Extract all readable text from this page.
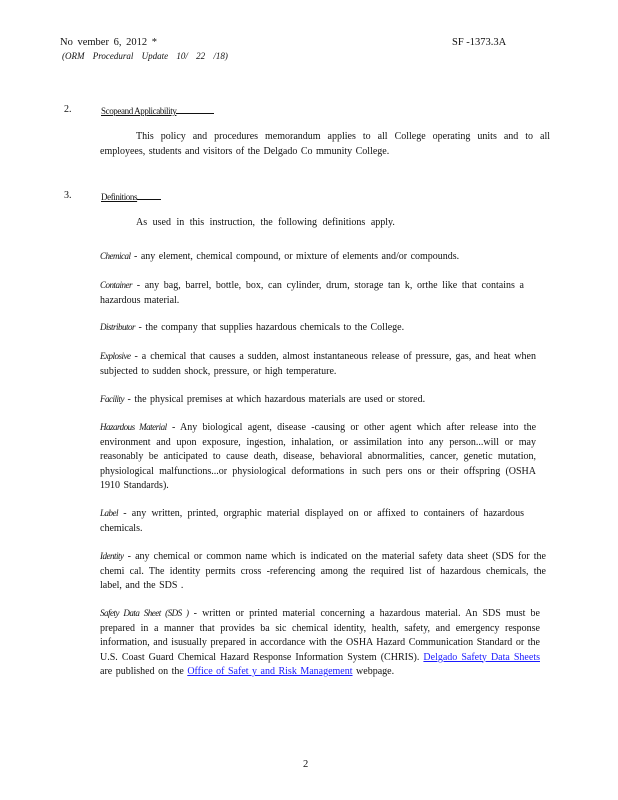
No vember 6, 2012 *
(ORM Procedural Update 10/ 22 /18)
SF -1373.3A
2.	Scopeand Applicability
This policy and procedures memorandum applies to all College operating units and to all employees, students and visitors of the Delgado Co mmunity College.
3.	Definitions
As used in this instruction, the following definitions apply.
Chemical - any element, chemical compound, or mixture of elements and/or compounds.
Container - any bag, barrel, bottle, box, can cylinder, drum, storage tan k, orthe like that contains a hazardous material.
Distributor - the company that supplies hazardous chemicals to the College.
Explosive - a chemical that causes a sudden, almost instantaneous release of pressure, gas, and heat when subjected to sudden shock, pressure, or high temperature.
Facility - the physical premises at which hazardous materials are used or stored.
Hazardous Material - Any biological agent, disease -causing or other agent which after release into the environment and upon exposure, ingestion, inhalation, or assimilation into any person...will or may reasonably be anticipated to cause death, disease, behavioral abnormalities, cancer, genetic mutation, physiological malfunctions...or physiological deformations in such pers ons or their offspring (OSHA 1910 Standards).
Label - any written, printed, orgraphic material displayed on or affixed to containers of hazardous chemicals.
Identity - any chemical or common name which is indicated on the material safety data sheet (SDS for the chemi cal. The identity permits cross -referencing among the required list of hazardous chemicals, the label, and the SDS .
Safety Data Sheet (SDS ) - written or printed material concerning a hazardous material. An SDS must be prepared in a manner that provides ba sic chemical identity, health, safety, and emergency response information, and isusually prepared in accordance with the OSHA Hazard Communication Standard or the U.S. Coast Guard Chemical Hazard Response Information System (CHRIS). Delgado Safety Data Sheets are published on the Office of Safet y and Risk Management webpage.
2
